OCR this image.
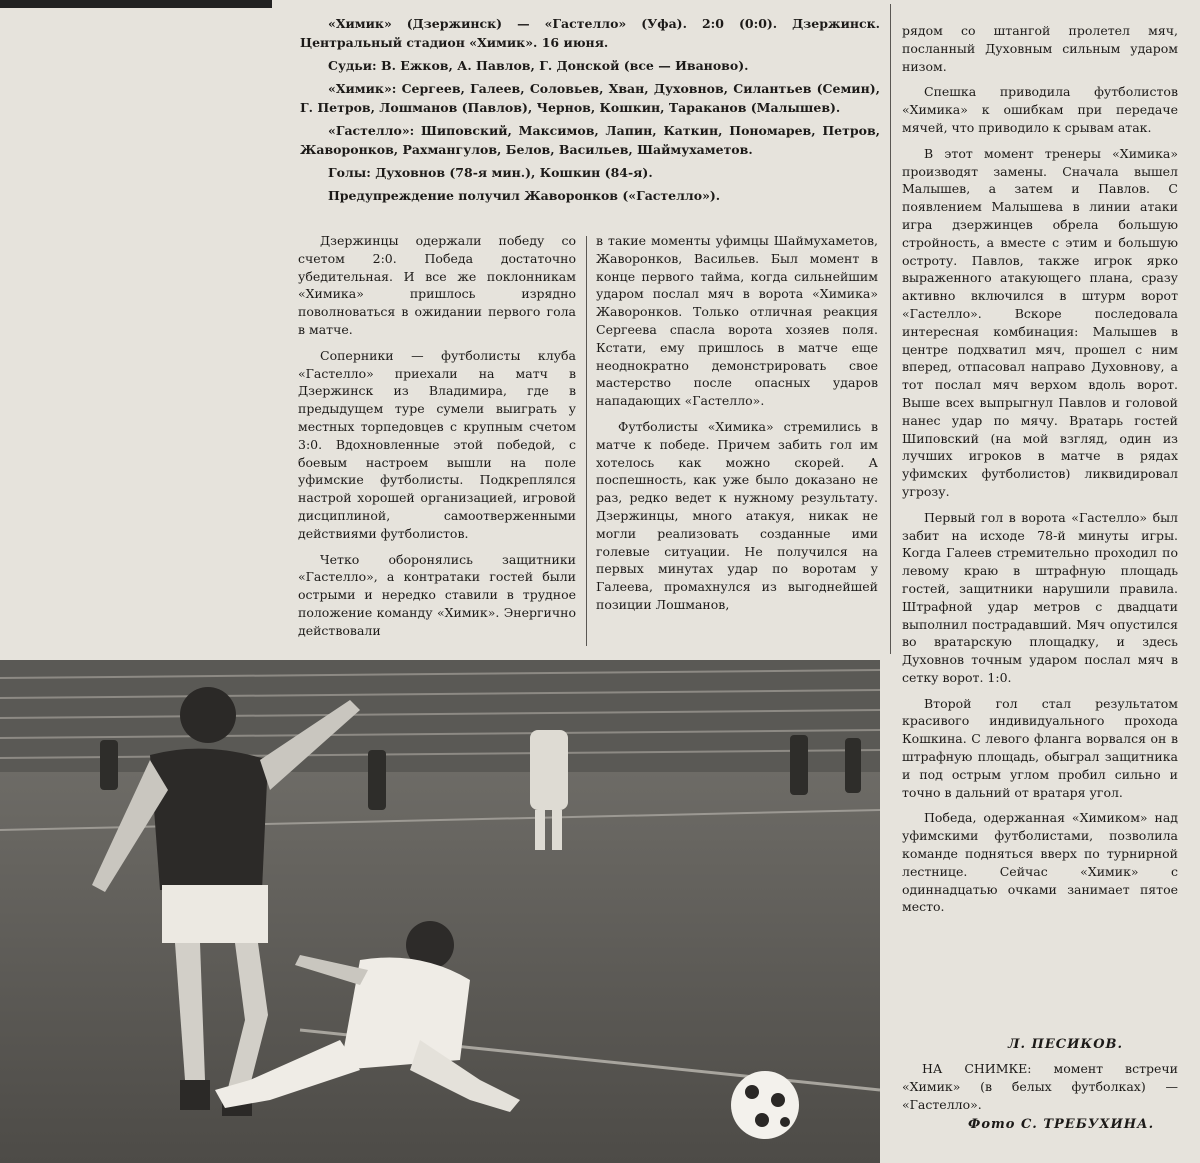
«Химик» (Дзержинск) — «Гастелло» (Уфа). 2:0 (0:0). Дзержинск. Центральный стадион «Химик». 16 июня.

Судьи: В. Ежков, А. Павлов, Г. Донской (все — Иваново).

«Химик»: Сергеев, Галеев, Соловьев, Хван, Духовнов, Силантьев (Семин), Г. Петров, Лошманов (Павлов), Чернов, Кошкин, Тараканов (Малышев).

«Гастелло»: Шиповский, Максимов, Лапин, Каткин, Пономарев, Петров, Жаворонков, Рахмангулов, Белов, Васильев, Шаймухаметов.

Голы: Духовнов (78-я мин.), Кошкин (84-я).

Предупреждение получил Жаворонков («Гастелло»).

Дзержинцы одержали победу со счетом 2:0. Победа достаточно убедительная. И все же поклонникам «Химика» пришлось изрядно поволноваться в ожидании первого гола в матче.

Соперники — футболисты клуба «Гастелло» приехали на матч в Дзержинск из Владимира, где в предыдущем туре сумели выиграть у местных торпедовцев с крупным счетом 3:0. Вдохновленные этой победой, с боевым настроем вышли на поле уфимские футболисты. Подкреплялся настрой хорошей организацией, игровой дисциплиной, самоотверженными действиями футболистов.

Четко оборонялись защитники «Гастелло», а контратаки гостей были острыми и нередко ставили в трудное положение команду «Химик». Энергично действовали

в такие моменты уфимцы Шаймухаметов, Жаворонков, Васильев. Был момент в конце первого тайма, когда сильнейшим ударом послал мяч в ворота «Химика» Жаворонков. Только отличная реакция Сергеева спасла ворота хозяев поля. Кстати, ему пришлось в матче еще неоднократно демонстрировать свое мастерство после опасных ударов нападающих «Гастелло».

Футболисты «Химика» стремились в матче к победе. Причем забить гол им хотелось как можно скорей. А поспешность, как уже было доказано не раз, редко ведет к нужному результату. Дзержинцы, много атакуя, никак не могли реализовать созданные ими голевые ситуации. Не получился на первых минутах удар по воротам у Галеева, промахнулся из выгоднейшей позиции Лошманов,

рядом со штангой пролетел мяч, посланный Духовным сильным ударом низом.

Спешка приводила футболистов «Химика» к ошибкам при передаче мячей, что приводило к срывам атак.

В этот момент тренеры «Химика» производят замены. Сначала вышел Малышев, а затем и Павлов. С появлением Малышева в линии атаки игра дзержинцев обрела большую стройность, а вместе с этим и большую остроту. Павлов, также игрок ярко выраженного атакующего плана, сразу активно включился в штурм ворот «Гастелло». Вскоре последовала интересная комбинация: Малышев в центре подхватил мяч, прошел с ним вперед, отпасовал направо Духовнову, а тот послал мяч верхом вдоль ворот. Выше всех выпрыгнул Павлов и головой нанес удар по мячу. Вратарь гостей Шиповский (на мой взгляд, один из лучших игроков в матче в рядах уфимских футболистов) ликвидировал угрозу.

Первый гол в ворота «Гастелло» был забит на исходе 78-й минуты игры. Когда Галеев стремительно проходил по левому краю в штрафную площадь гостей, защитники нарушили правила. Штрафной удар метров с двадцати выполнил пострадавший. Мяч опустился во вратарскую площадку, и здесь Духовнов точным ударом послал мяч в сетку ворот. 1:0.

Второй гол стал результатом красивого индивидуального прохода Кошкина. С левого фланга ворвался он в штрафную площадь, обыграл защитника и под острым углом пробил сильно и точно в дальний от вратаря угол.

Победа, одержанная «Химиком» над уфимскими футболистами, позволила команде подняться вверх по турнирной лестнице. Сейчас «Химик» с одиннадцатью очками занимает пятое место.

Л. ПЕСИКОВ.

НА СНИМКЕ: момент встречи «Химик» (в белых футболках) — «Гастелло».

Фото С. ТРЕБУХИНА.
